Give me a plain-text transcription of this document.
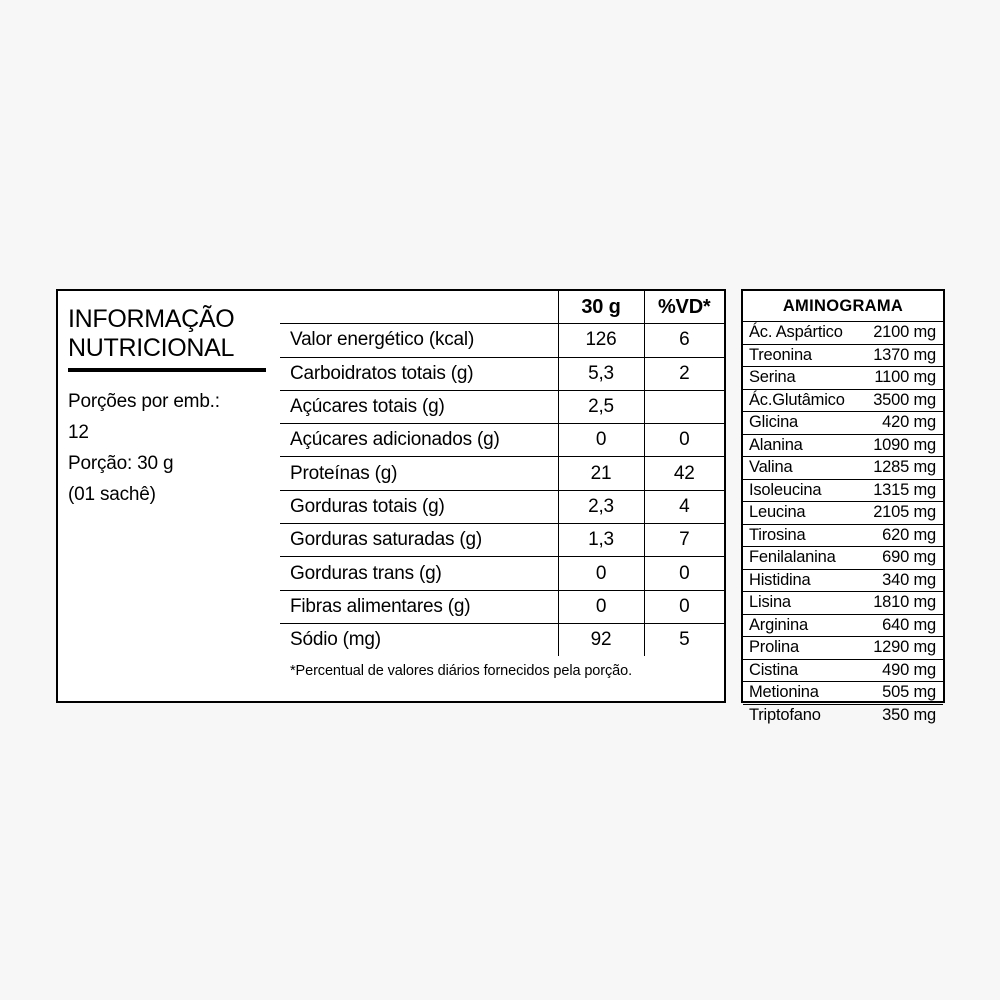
INFORMAÇÃO
NUTRICIONAL
Porções por emb.:
12
Porção: 30 g
(01 sachê)
	30 g	%VD*
Valor energético (kcal)	126	6
Carboidratos totais (g)	5,3	2
Açúcares totais (g)	2,5	
Açúcares adicionados (g)	0	0
Proteínas (g)	21	42
Gorduras totais (g)	2,3	4
Gorduras saturadas (g)	1,3	7
Gorduras trans (g)	0	0
Fibras alimentares (g)	0	0
Sódio (mg)	92	5
*Percentual de valores diários fornecidos pela porção.
AMINOGRAMA	
Ác. Aspártico	2100 mg
Treonina	1370 mg
Serina	1100 mg
Ác.Glutâmico	3500 mg
Glicina	420 mg
Alanina	1090 mg
Valina	1285 mg
Isoleucina	1315 mg
Leucina	2105 mg
Tirosina	620 mg
Fenilalanina	690 mg
Histidina	340 mg
Lisina	1810 mg
Arginina	640 mg
Prolina	1290 mg
Cistina	490 mg
Metionina	505 mg
Triptofano	350 mg
